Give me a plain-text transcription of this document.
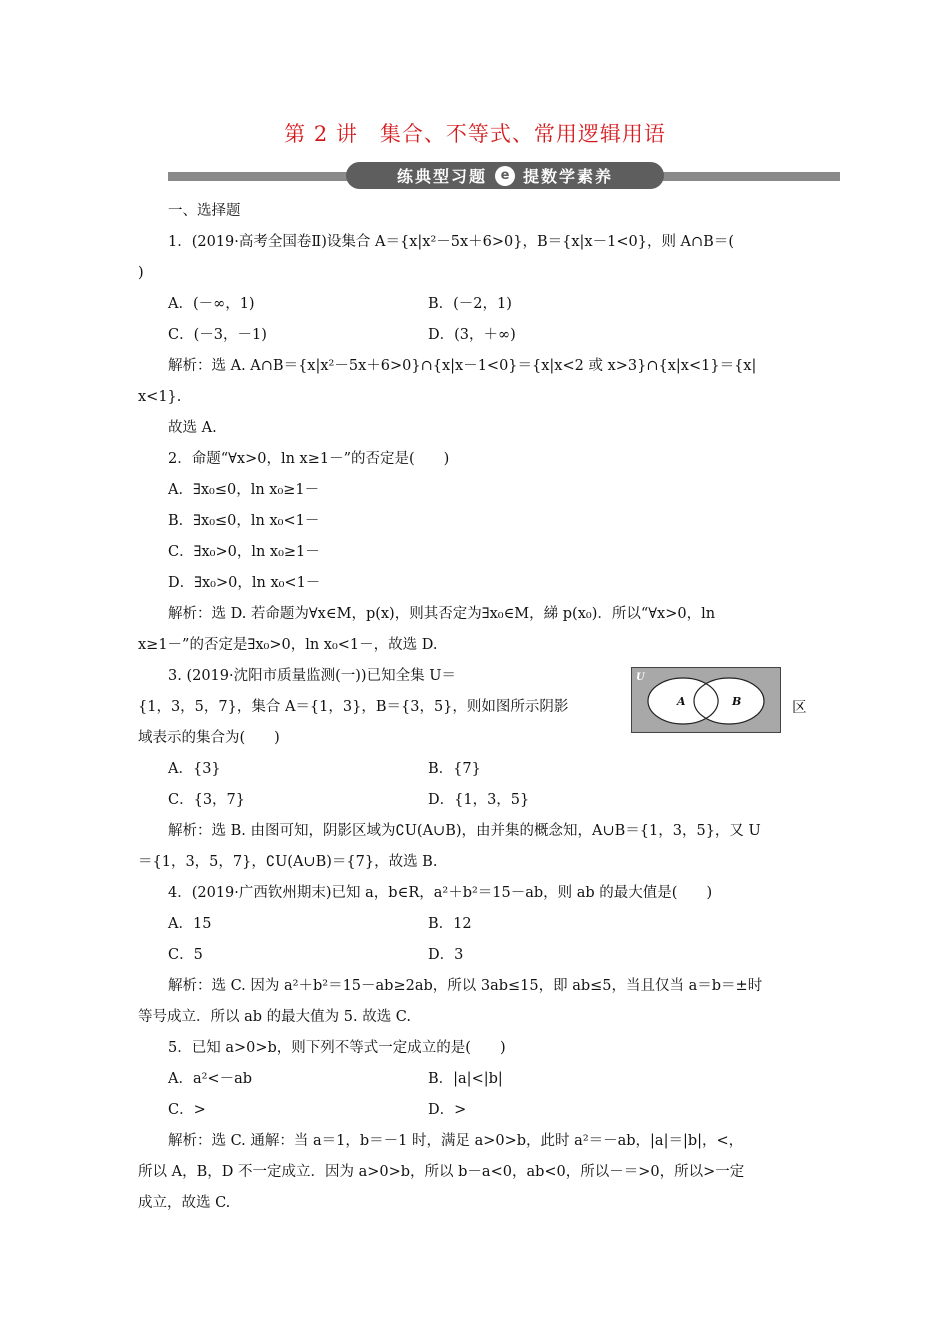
第 2 讲　集合、不等式、常用逻辑用语
练典型习题	e 提数学素养

一、选择题

1．(2019·高考全国卷Ⅱ)设集合 A＝{x|x²－5x＋6>0}，B＝{x|x－1<0}，则 A∩B＝(

)

A．(－∞，1)	B．(－2，1)
C．(－3，－1)	D．(3，＋∞)

解析：选 A. A∩B＝{x|x²－5x＋6>0}∩{x|x－1<0}＝{x|x<2 或 x>3}∩{x|x<1}＝{x|

x<1}.

故选 A.

2．命题“∀x>0，ln x≥1－”的否定是(　　)

A．∃x₀≤0，ln x₀≥1－

B．∃x₀≤0，ln x₀<1－

C．∃x₀>0，ln x₀≥1－

D．∃x₀>0，ln x₀<1－

解析：选 D. 若命题为∀x∈M，p(x)，则其否定为∃x₀∈M，綈 p(x₀)．所以“∀x>0，ln

x≥1－”的否定是∃x₀>0，ln x₀<1－，故选 D.

3. (2019·沈阳市质量监测(一))已知全集 U＝

{1，3，5，7}，集合 A＝{1，3}，B＝{3，5}，则如图所示阴影

域表示的集合为(　　)

U
A	B	区
A．{3}	B．{7}
C．{3，7}	D．{1，3，5}

解析：选 B. 由图可知，阴影区域为∁U(A∪B)，由并集的概念知，A∪B＝{1，3，5}，又 U

＝{1，3，5，7}，∁U(A∪B)＝{7}，故选 B.

4．(2019·广西钦州期末)已知 a，b∈R，a²＋b²＝15－ab，则 ab 的最大值是(　　)

A．15	B．12
C．5	D．3

解析：选 C. 因为 a²＋b²＝15－ab≥2ab，所以 3ab≤15，即 ab≤5，当且仅当 a＝b＝±时

等号成立．所以 ab 的最大值为 5. 故选 C.

5．已知 a>0>b，则下列不等式一定成立的是(　　)

A．a²<－ab	B．|a|<|b|
C．>	D．>

解析：选 C. 通解：当 a＝1，b＝－1 时，满足 a>0>b，此时 a²＝－ab，|a|＝|b|，<，

所以 A，B，D 不一定成立．因为 a>0>b，所以 b－a<0，ab<0，所以－＝>0，所以>一定

成立，故选 C.
